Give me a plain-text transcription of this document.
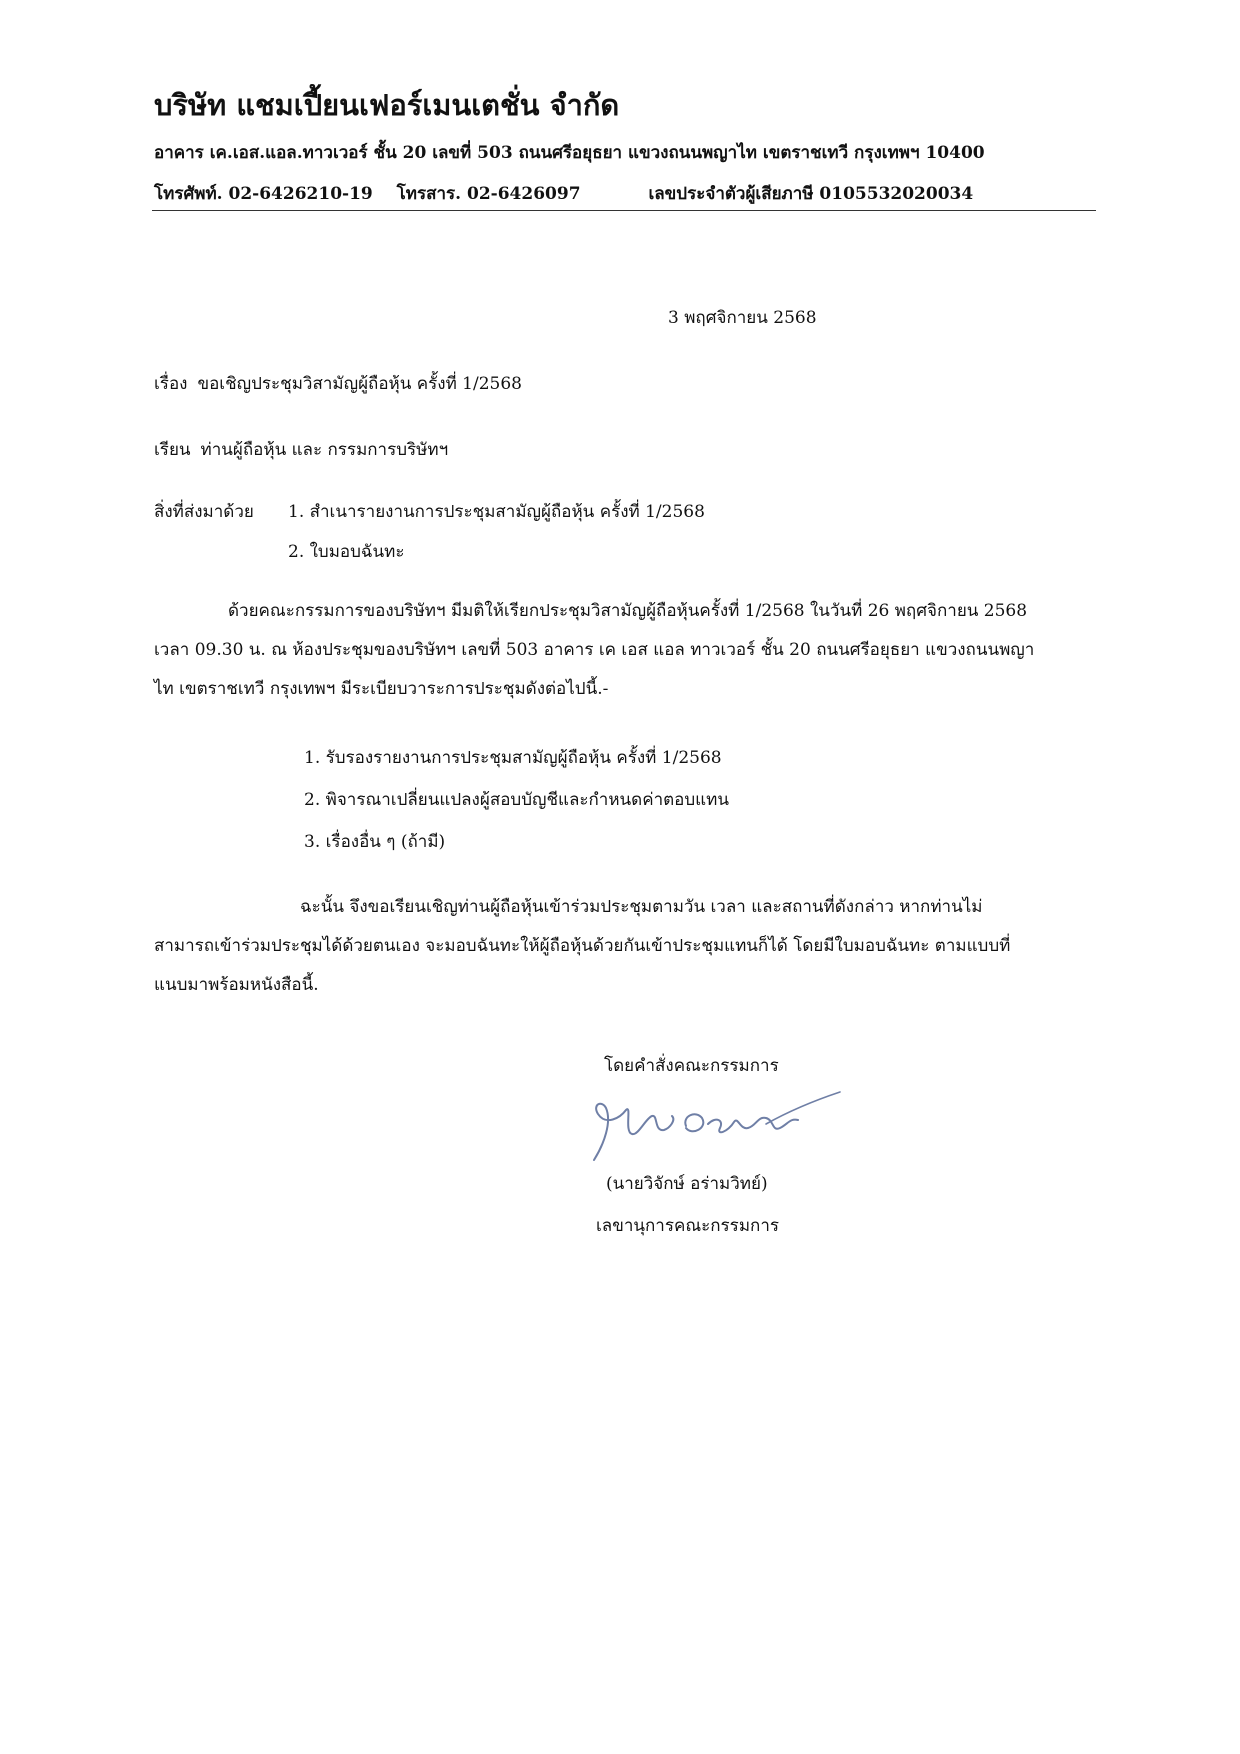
บริษัท แชมเปี้ยนเฟอร์เมนเตชั่น จำกัด
อาคาร เค.เอส.แอล.ทาวเวอร์ ชั้น 20 เลขที่ 503 ถนนศรีอยุธยา แขวงถนนพญาไท เขตราชเทวี กรุงเทพฯ 10400
โทรศัพท์. 02-6426210-19 โทรสาร. 02-6426097	เลขประจำตัวผู้เสียภาษี 0105532020034
3 พฤศจิกายน 2568
เรื่อง ขอเชิญประชุมวิสามัญผู้ถือหุ้น ครั้งที่ 1/2568
เรียน ท่านผู้ถือหุ้น และ กรรมการบริษัทฯ
สิ่งที่ส่งมาด้วย 1. สำเนารายงานการประชุมสามัญผู้ถือหุ้น ครั้งที่ 1/2568
2. ใบมอบฉันทะ
ด้วยคณะกรรมการของบริษัทฯ มีมติให้เรียกประชุมวิสามัญผู้ถือหุ้นครั้งที่ 1/2568 ในวันที่ 26 พฤศจิกายน 2568
เวลา 09.30 น. ณ ห้องประชุมของบริษัทฯ เลขที่ 503 อาคาร เค เอส แอล ทาวเวอร์ ชั้น 20 ถนนศรีอยุธยา แขวงถนนพญา
ไท เขตราชเทวี กรุงเทพฯ มีระเบียบวาระการประชุมดังต่อไปนี้.-
1. รับรองรายงานการประชุมสามัญผู้ถือหุ้น ครั้งที่ 1/2568
2. พิจารณาเปลี่ยนแปลงผู้สอบบัญชีและกำหนดค่าตอบแทน
3. เรื่องอื่น ๆ (ถ้ามี)
ฉะนั้น จึงขอเรียนเชิญท่านผู้ถือหุ้นเข้าร่วมประชุมตามวัน เวลา และสถานที่ดังกล่าว หากท่านไม่
สามารถเข้าร่วมประชุมได้ด้วยตนเอง จะมอบฉันทะให้ผู้ถือหุ้นด้วยกันเข้าประชุมแทนก็ได้ โดยมีใบมอบฉันทะ ตามแบบที่
แนบมาพร้อมหนังสือนี้.
โดยคำสั่งคณะกรรมการ
(นายวิจักษ์ อร่ามวิทย์)
เลขานุการคณะกรรมการ
